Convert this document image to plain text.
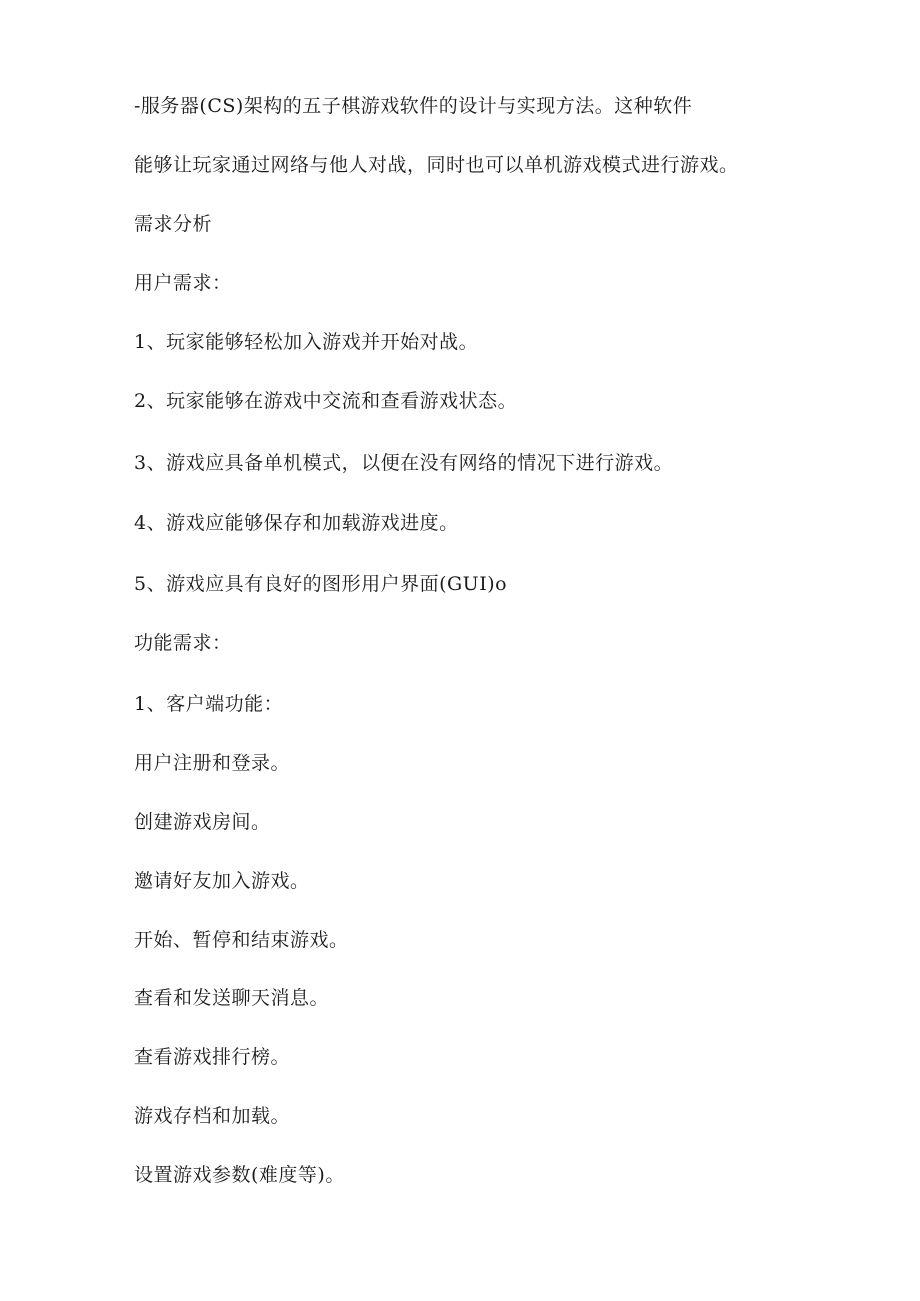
-服务器(CS)架构的五子棋游戏软件的设计与实现方法。这种软件

能够让玩家通过网络与他人对战，同时也可以单机游戏模式进行游戏。

需求分析

用户需求：

1、玩家能够轻松加入游戏并开始对战。

2、玩家能够在游戏中交流和查看游戏状态。

3、游戏应具备单机模式，以便在没有网络的情况下进行游戏。

4、游戏应能够保存和加载游戏进度。

5、游戏应具有良好的图形用户界面(GUI)o

功能需求：

1、客户端功能：

用户注册和登录。

创建游戏房间。

邀请好友加入游戏。

开始、暂停和结束游戏。

查看和发送聊天消息。

查看游戏排行榜。

游戏存档和加载。

设置游戏参数(难度等)。
